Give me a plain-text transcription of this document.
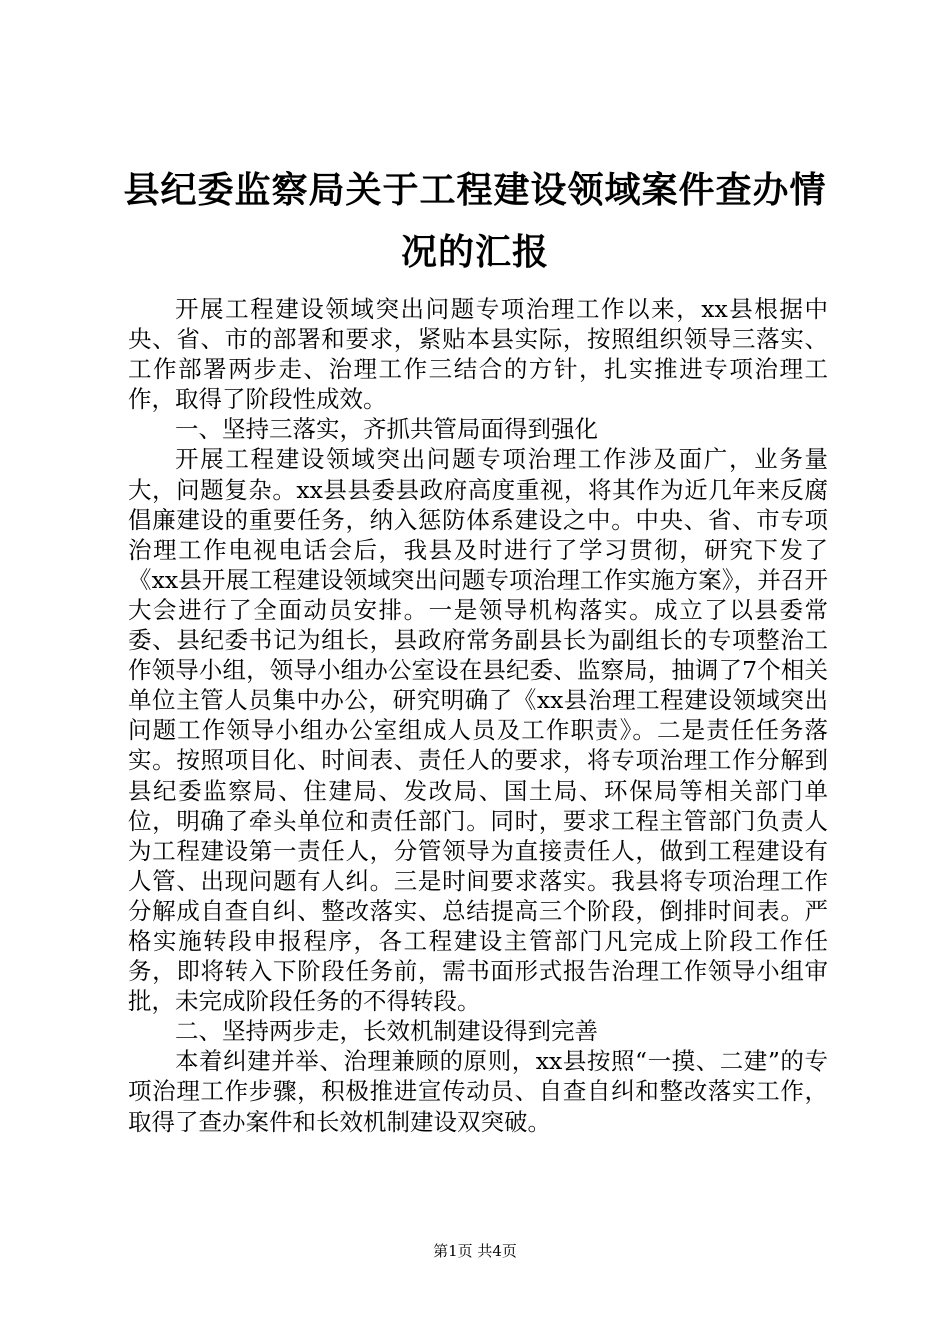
县纪委监察局关于工程建设领域案件查办情况的汇报

开展工程建设领域突出问题专项治理工作以来，xx县根据中央、省、市的部署和要求，紧贴本县实际，按照组织领导三落实、工作部署两步走、治理工作三结合的方针，扎实推进专项治理工作，取得了阶段性成效。

一、坚持三落实，齐抓共管局面得到强化

开展工程建设领域突出问题专项治理工作涉及面广，业务量大，问题复杂。xx县县委县政府高度重视，将其作为近几年来反腐倡廉建设的重要任务，纳入惩防体系建设之中。中央、省、市专项治理工作电视电话会后，我县及时进行了学习贯彻，研究下发了《xx县开展工程建设领域突出问题专项治理工作实施方案》，并召开大会进行了全面动员安排。一是领导机构落实。成立了以县委常委、县纪委书记为组长，县政府常务副县长为副组长的专项整治工作领导小组，领导小组办公室设在县纪委、监察局，抽调了7个相关单位主管人员集中办公，研究明确了《xx县治理工程建设领域突出问题工作领导小组办公室组成人员及工作职责》。二是责任任务落实。按照项目化、时间表、责任人的要求，将专项治理工作分解到县纪委监察局、住建局、发改局、国土局、环保局等相关部门单位，明确了牵头单位和责任部门。同时，要求工程主管部门负责人为工程建设第一责任人，分管领导为直接责任人，做到工程建设有人管、出现问题有人纠。三是时间要求落实。我县将专项治理工作分解成自查自纠、整改落实、总结提高三个阶段，倒排时间表。严格实施转段申报程序，各工程建设主管部门凡完成上阶段工作任务，即将转入下阶段任务前，需书面形式报告治理工作领导小组审批，未完成阶段任务的不得转段。

二、坚持两步走，长效机制建设得到完善

本着纠建并举、治理兼顾的原则，xx县按照“一摸、二建”的专项治理工作步骤，积极推进宣传动员、自查自纠和整改落实工作，取得了查办案件和长效机制建设双突破。

第1页 共4页
